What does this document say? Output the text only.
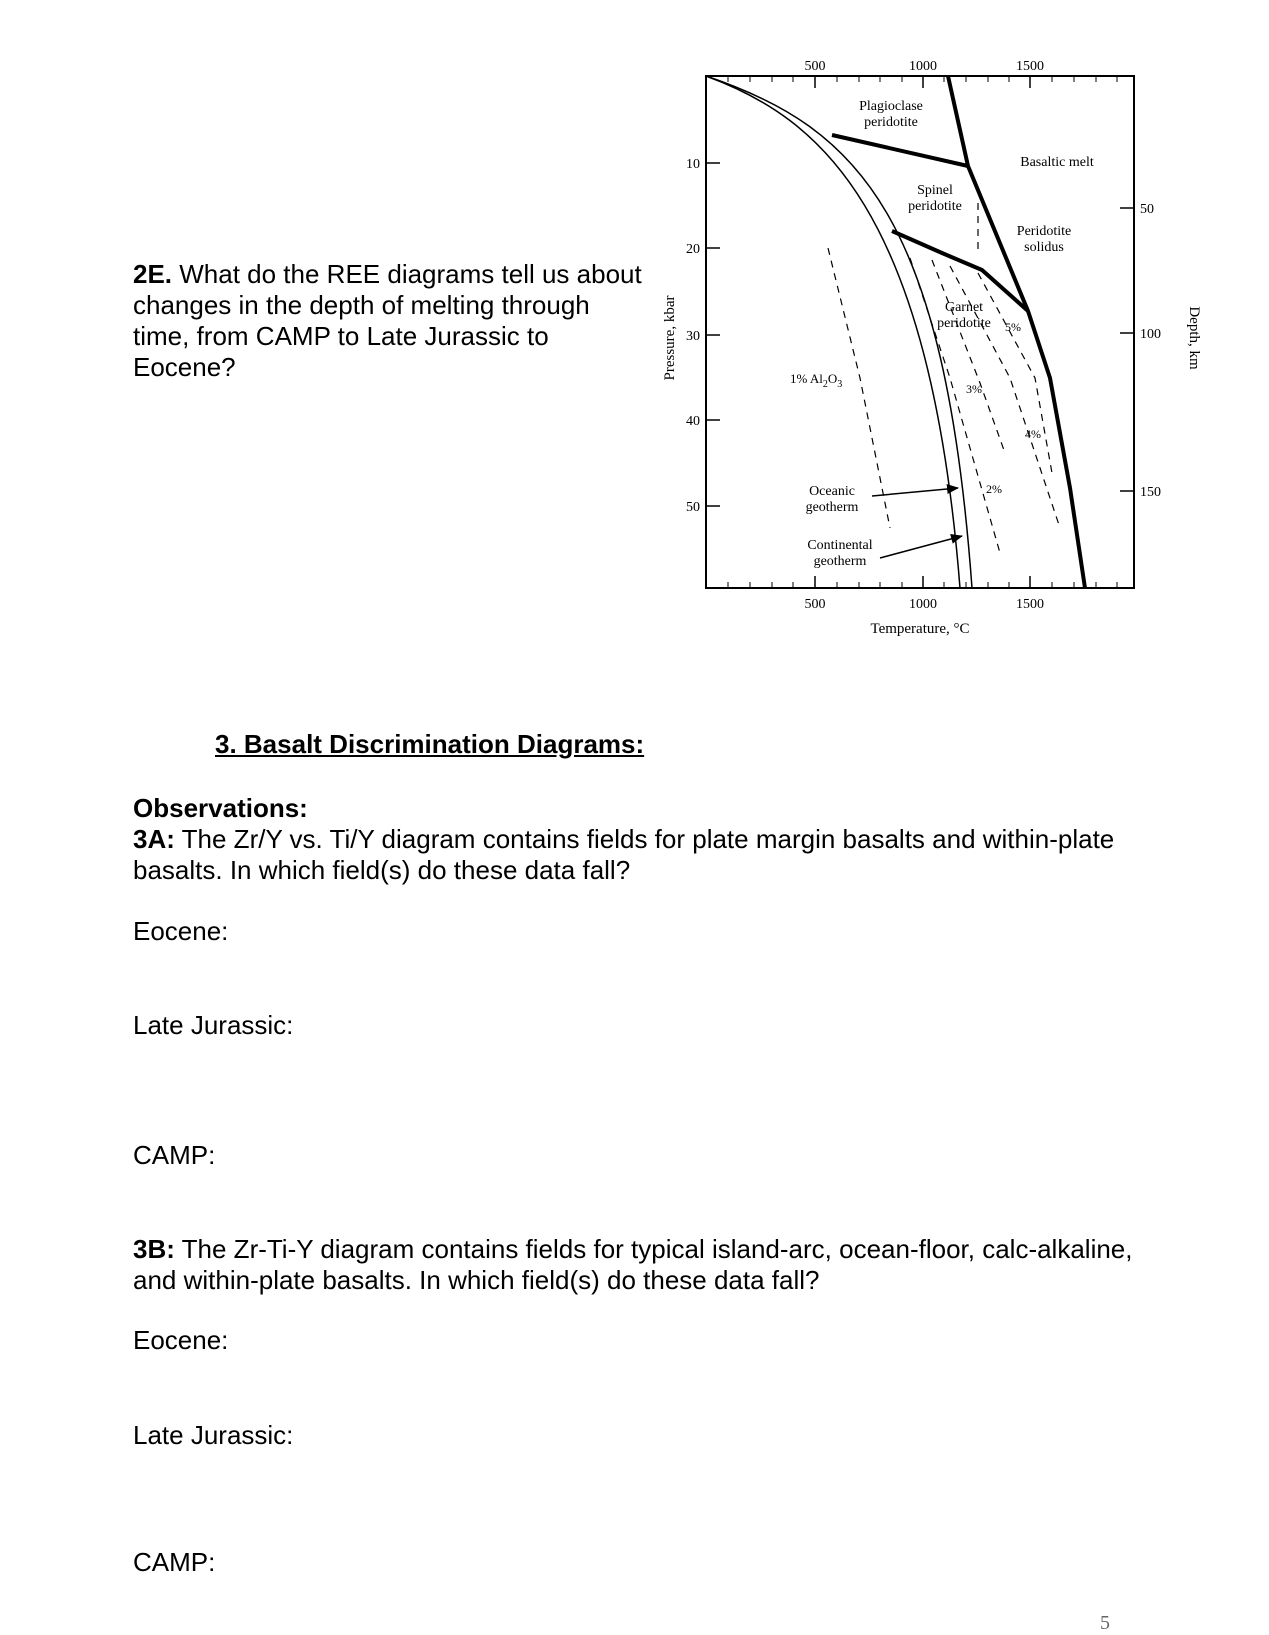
2E. What do the REE diagrams tell us about changes in the depth of melting through time, from CAMP to Late Jurassic to Eocene?

500	1000	1500
500	1000	1500
10
20
30
40
50
50
100
150
Temperature, °C
Pressure, kbar	Depth, km
Plagioclase
peridotite
Spinel
peridotite
Basaltic melt
Peridotite
solidus
Garnet
peridotite 5%
1% $Al_2O_3$	3%
4%
2%
Oceanic
geotherm
Continental
geotherm

3. Basalt Discrimination Diagrams:

Observations:

3A: The Zr/Y vs. Ti/Y diagram contains fields for plate margin basalts and within-plate basalts. In which field(s) do these data fall?

Eocene:

Late Jurassic:

CAMP:

3B: The Zr-Ti-Y diagram contains fields for typical island-arc, ocean-floor, calc-alkaline, and within-plate basalts. In which field(s) do these data fall?

Eocene:

Late Jurassic:

CAMP:

5
